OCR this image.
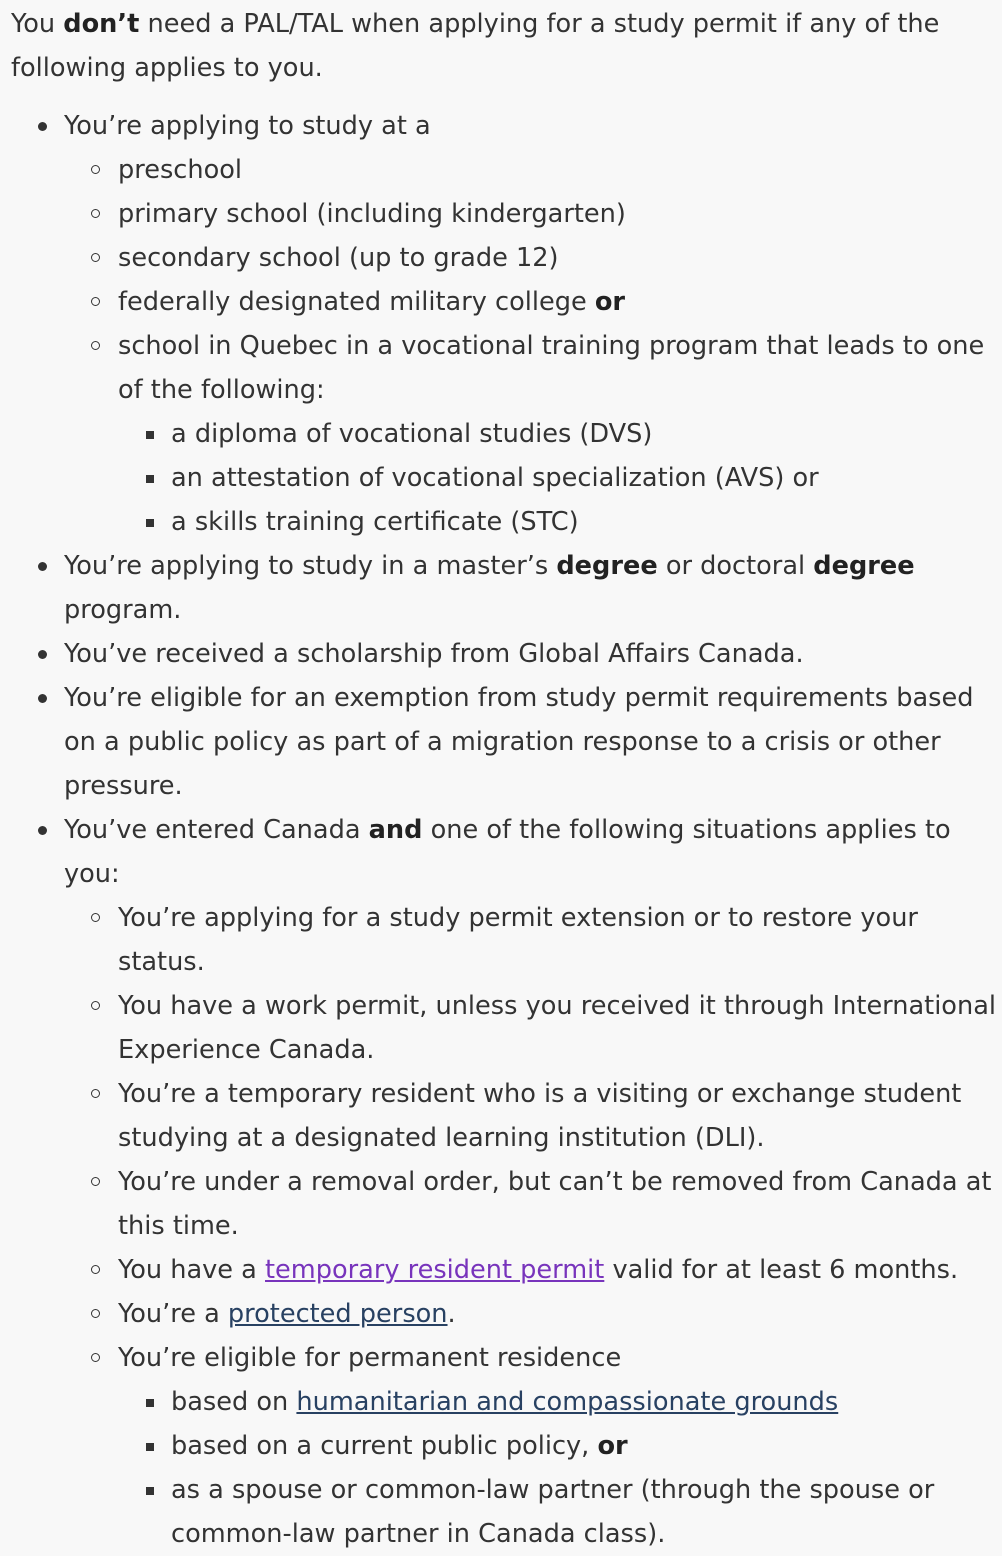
You don’t need a PAL/TAL when applying for a study permit if any of the following applies to you.

You’re applying to study at a
preschool
primary school (including kindergarten)
secondary school (up to grade 12)
federally designated military college or
school in Quebec in a vocational training program that leads to one of the following:
a diploma of vocational studies (DVS)
an attestation of vocational specialization (AVS) or
a skills training certificate (STC)
You’re applying to study in a master’s degree or doctoral degree program.
You’ve received a scholarship from Global Affairs Canada.
You’re eligible for an exemption from study permit requirements based on a public policy as part of a migration response to a crisis or other pressure.
You’ve entered Canada and one of the following situations applies to you:
You’re applying for a study permit extension or to restore your status.
You have a work permit, unless you received it through International Experience Canada.
You’re a temporary resident who is a visiting or exchange student studying at a designated learning institution (DLI).
You’re under a removal order, but can’t be removed from Canada at this time.
You have a temporary resident permit valid for at least 6 months.
You’re a protected person.
You’re eligible for permanent residence
based on humanitarian and compassionate grounds
based on a current public policy, or
as a spouse or common-law partner (through the spouse or common-law partner in Canada class).
